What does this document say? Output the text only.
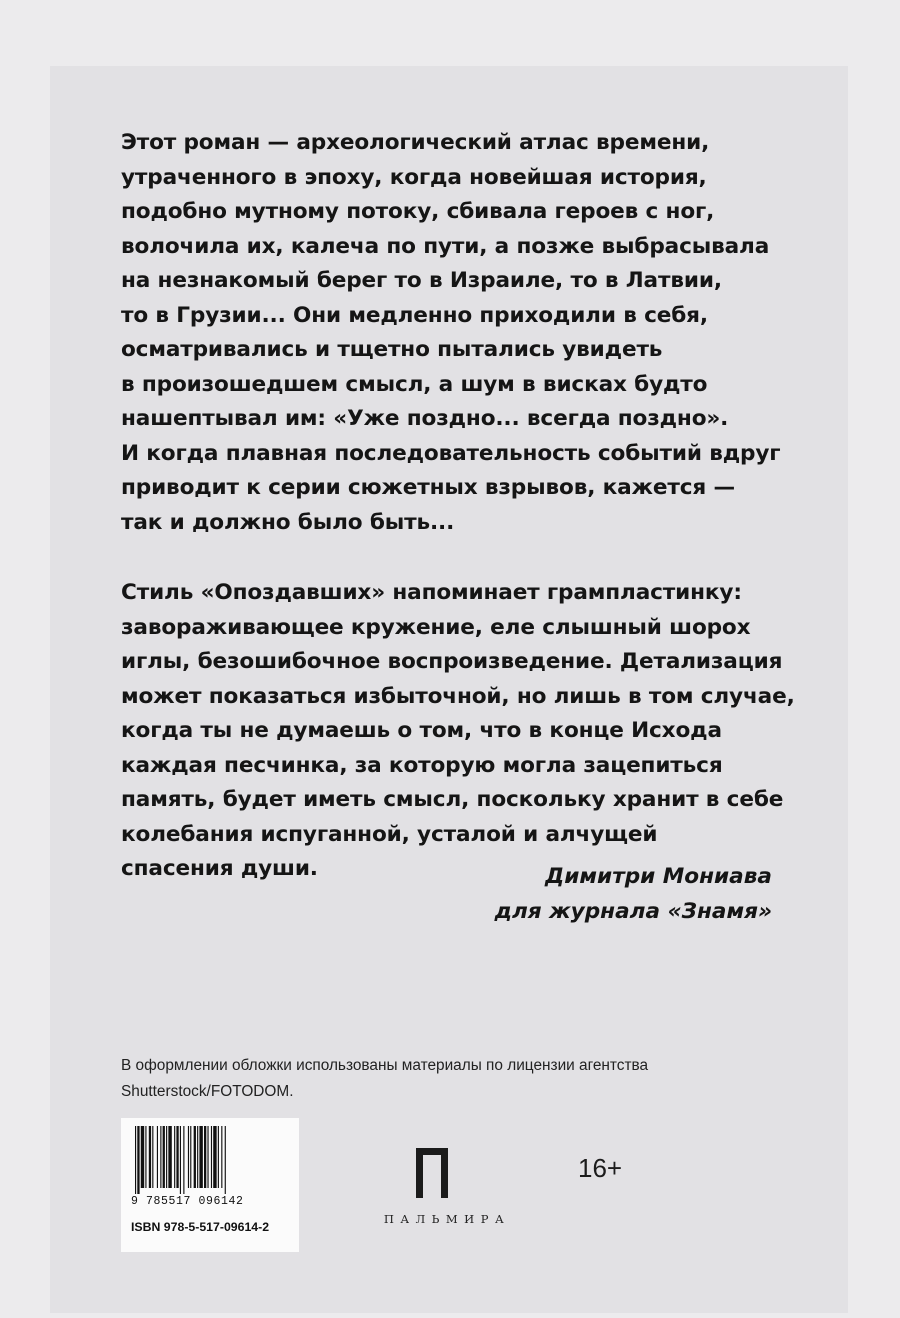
Этот роман — археологический атлас времени,
утраченного в эпоху, когда новейшая история,
подобно мутному потоку, сбивала героев с ног,
волочила их, калеча по пути, а позже выбрасывала
на незнакомый берег то в Израиле, то в Латвии,
то в Грузии... Они медленно приходили в себя,
осматривались и тщетно пытались увидеть
в произошедшем смысл, а шум в висках будто
нашептывал им: «Уже поздно... всегда поздно».
И когда плавная последовательность событий вдруг
приводит к серии сюжетных взрывов, кажется —
так и должно было быть...

Стиль «Опоздавших» напоминает грампластинку:
завораживающее кружение, еле слышный шорох
иглы, безошибочное воспроизведение. Детализация
может показаться избыточной, но лишь в том случае,
когда ты не думаешь о том, что в конце Исхода
каждая песчинка, за которую могла зацепиться
память, будет иметь смысл, поскольку хранит в себе
колебания испуганной, усталой и алчущей
спасения души.	Димитри Мониава
для журнала «Знамя»
В оформлении обложки использованы материалы по лицензии агентства
Shutterstock/FOTODOM.
9 785517 096142
ISBN 978-5-517-09614-2
ПАЛЬМИРА
16+
